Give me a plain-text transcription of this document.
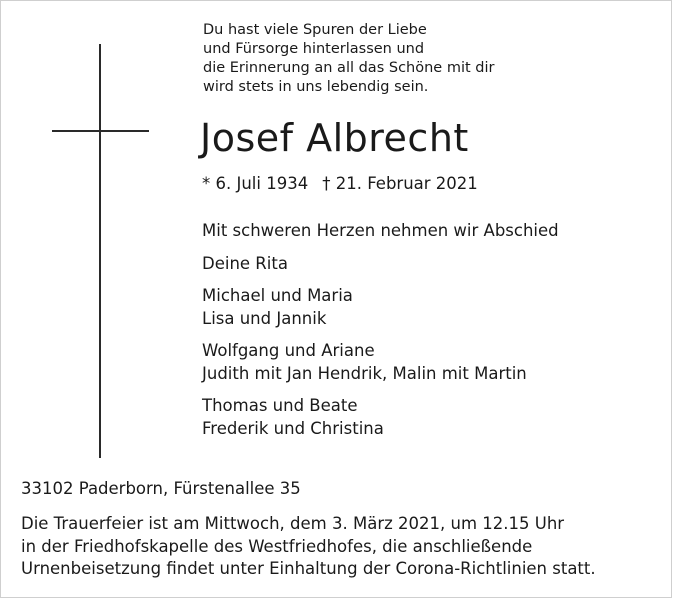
Du hast viele Spuren der Liebe
und Fürsorge hinterlassen und
die Erinnerung an all das Schöne mit dir
wird stets in uns lebendig sein.

Josef Albrecht
* 6. Juli 1934 † 21. Februar 2021
Mit schweren Herzen nehmen wir Abschied
Deine Rita
Michael und Maria
Lisa und Jannik
Wolfgang und Ariane
Judith mit Jan Hendrik, Malin mit Martin
Thomas und Beate
Frederik und Christina
33102 Paderborn, Fürstenallee 35
Die Trauerfeier ist am Mittwoch, dem 3. März 2021, um 12.15 Uhr
in der Friedhofskapelle des Westfriedhofes, die anschließende
Urnenbeisetzung findet unter Einhaltung der Corona-Richtlinien statt.
